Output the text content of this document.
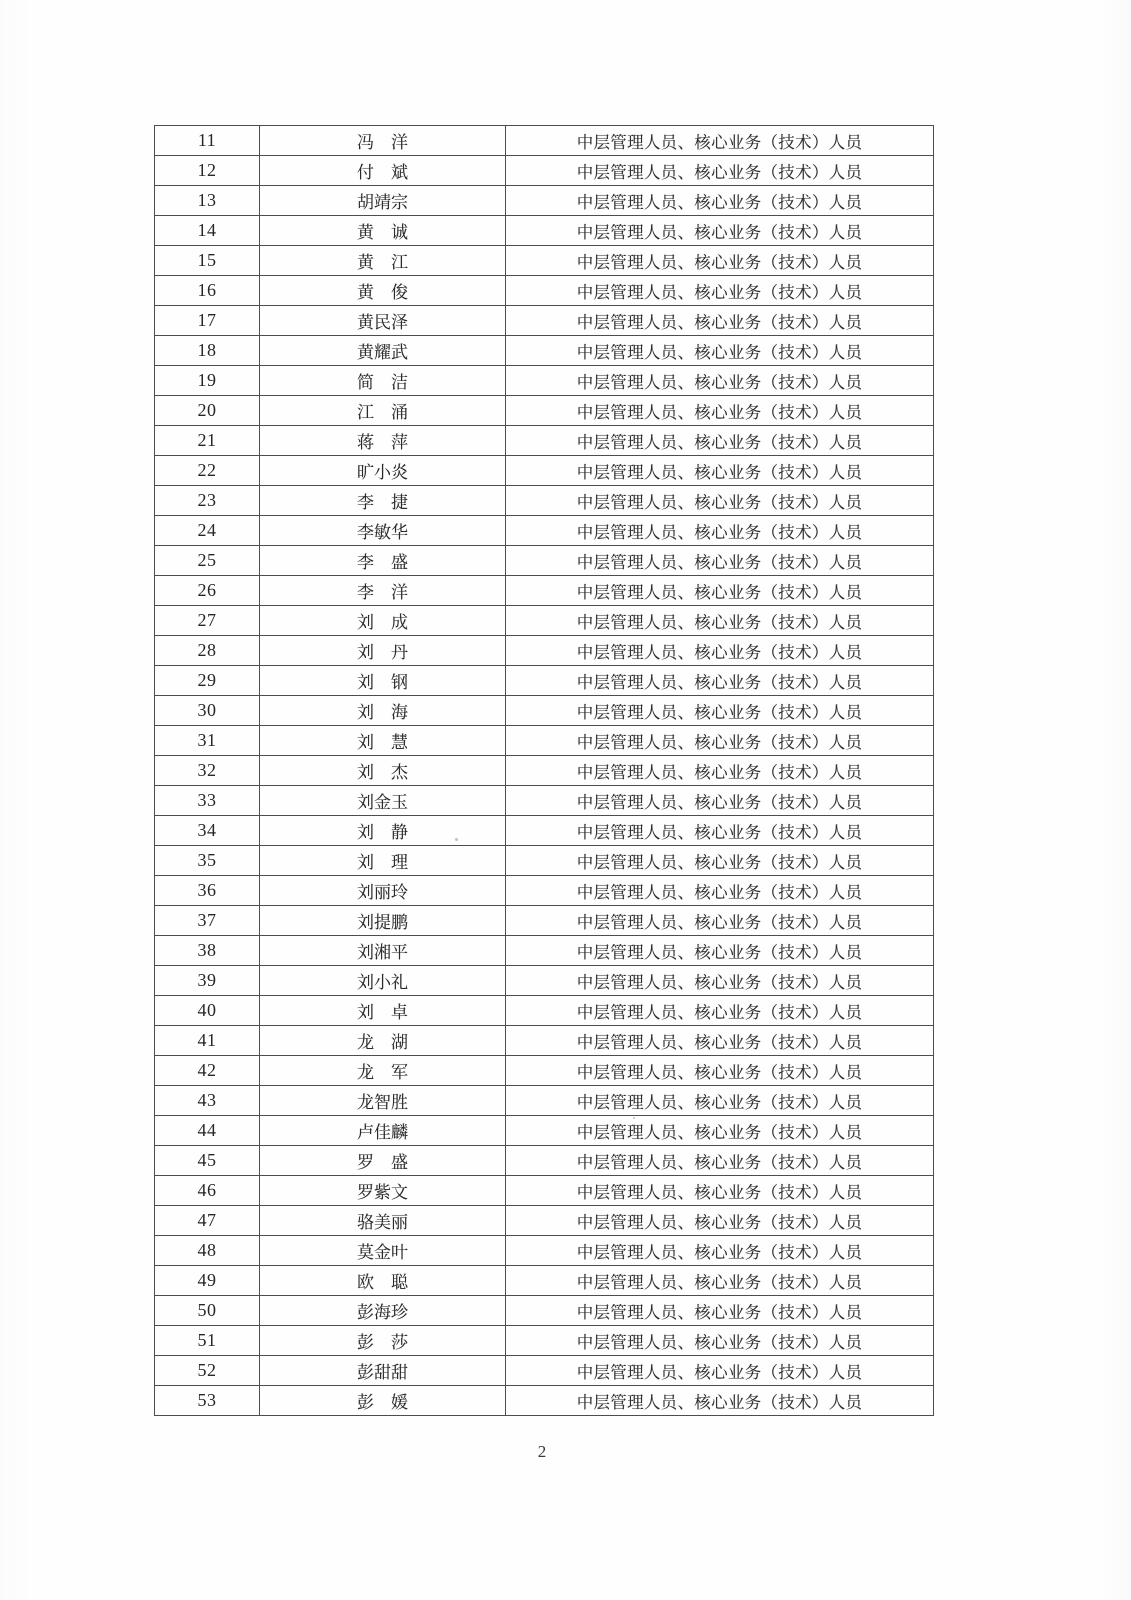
11	冯　洋	中层管理人员、核心业务（技术）人员
12	付　斌	中层管理人员、核心业务（技术）人员
13	胡靖宗	中层管理人员、核心业务（技术）人员
14	黄　诚	中层管理人员、核心业务（技术）人员
15	黄　江	中层管理人员、核心业务（技术）人员
16	黄　俊	中层管理人员、核心业务（技术）人员
17	黄民泽	中层管理人员、核心业务（技术）人员
18	黄耀武	中层管理人员、核心业务（技术）人员
19	简　洁	中层管理人员、核心业务（技术）人员
20	江　涌	中层管理人员、核心业务（技术）人员
21	蒋　萍	中层管理人员、核心业务（技术）人员
22	旷小炎	中层管理人员、核心业务（技术）人员
23	李　捷	中层管理人员、核心业务（技术）人员
24	李敏华	中层管理人员、核心业务（技术）人员
25	李　盛	中层管理人员、核心业务（技术）人员
26	李　洋	中层管理人员、核心业务（技术）人员
27	刘　成	中层管理人员、核心业务（技术）人员
28	刘　丹	中层管理人员、核心业务（技术）人员
29	刘　钢	中层管理人员、核心业务（技术）人员
30	刘　海	中层管理人员、核心业务（技术）人员
31	刘　慧	中层管理人员、核心业务（技术）人员
32	刘　杰	中层管理人员、核心业务（技术）人员
33	刘金玉	中层管理人员、核心业务（技术）人员
34	刘　静	中层管理人员、核心业务（技术）人员
35	刘　理	中层管理人员、核心业务（技术）人员
36	刘丽玲	中层管理人员、核心业务（技术）人员
37	刘提鹏	中层管理人员、核心业务（技术）人员
38	刘湘平	中层管理人员、核心业务（技术）人员
39	刘小礼	中层管理人员、核心业务（技术）人员
40	刘　卓	中层管理人员、核心业务（技术）人员
41	龙　湖	中层管理人员、核心业务（技术）人员
42	龙　军	中层管理人员、核心业务（技术）人员
43	龙智胜	中层管理人员、核心业务（技术）人员
44	卢佳麟	中层管理人员、核心业务（技术）人员
45	罗　盛	中层管理人员、核心业务（技术）人员
46	罗紫文	中层管理人员、核心业务（技术）人员
47	骆美丽	中层管理人员、核心业务（技术）人员
48	莫金叶	中层管理人员、核心业务（技术）人员
49	欧　聪	中层管理人员、核心业务（技术）人员
50	彭海珍	中层管理人员、核心业务（技术）人员
51	彭　莎	中层管理人员、核心业务（技术）人员
52	彭甜甜	中层管理人员、核心业务（技术）人员
53	彭　媛	中层管理人员、核心业务（技术）人员
2
